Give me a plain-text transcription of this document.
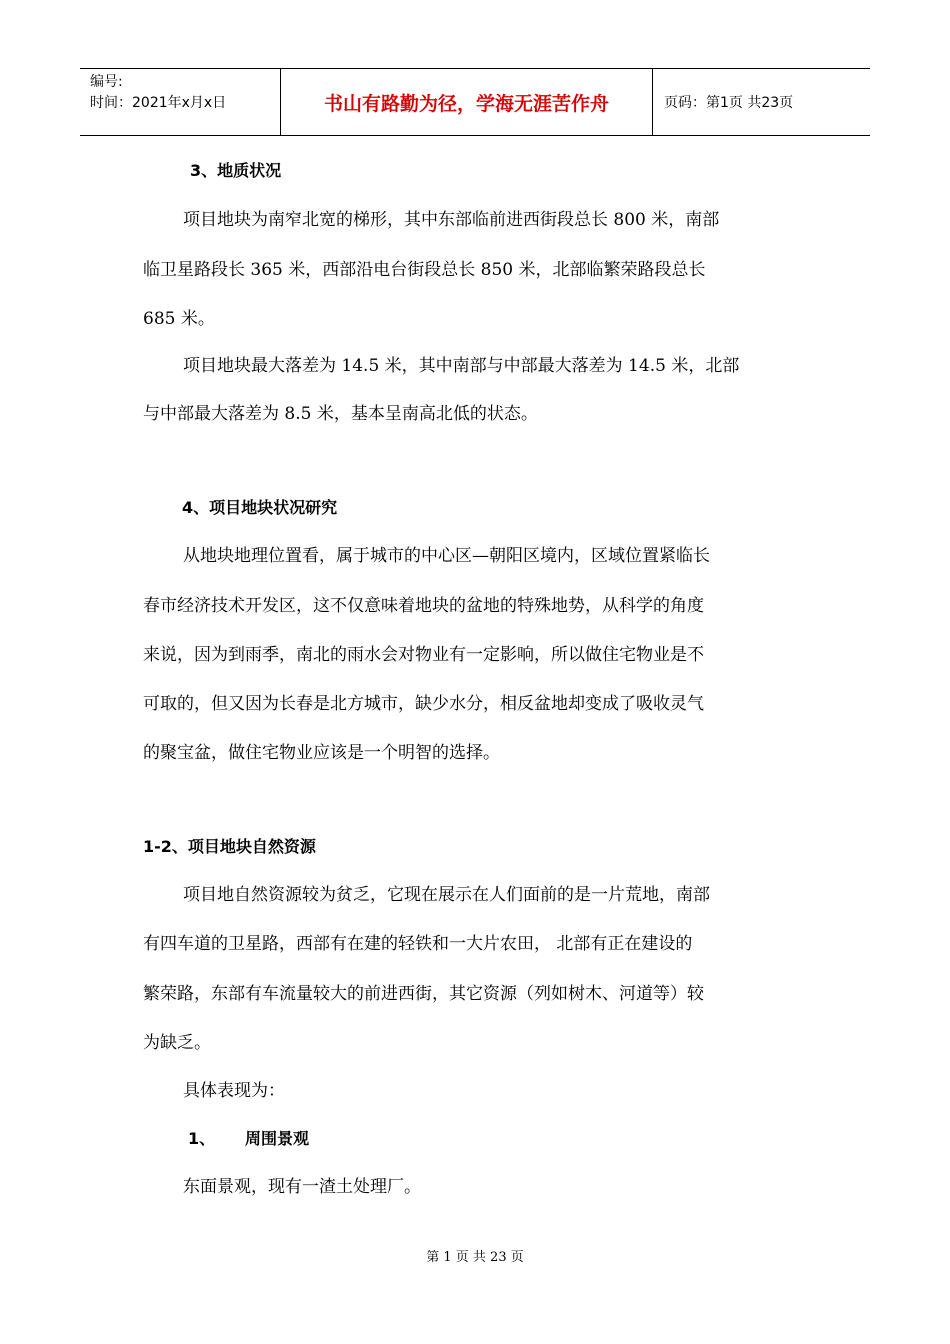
编号:
时间：2021年x月x日	书山有路勤为径，学海无涯苦作舟	页码：第1页 共23页
3、地质状况
项目地块为南窄北宽的梯形，其中东部临前进西街段总长 800 米，南部
临卫星路段长 365 米，西部沿电台街段总长 850 米，北部临繁荣路段总长
685 米。
项目地块最大落差为 14.5 米，其中南部与中部最大落差为 14.5 米，北部
与中部最大落差为 8.5 米，基本呈南高北低的状态。
4、项目地块状况研究
从地块地理位置看，属于城市的中心区—朝阳区境内，区域位置紧临长
春市经济技术开发区，这不仅意味着地块的盆地的特殊地势，从科学的角度
来说，因为到雨季，南北的雨水会对物业有一定影响，所以做住宅物业是不
可取的，但又因为长春是北方城市，缺少水分，相反盆地却变成了吸收灵气
的聚宝盆，做住宅物业应该是一个明智的选择。
1-2、项目地块自然资源
项目地自然资源较为贫乏，它现在展示在人们面前的是一片荒地，南部
有四车道的卫星路，西部有在建的轻铁和一大片农田， 北部有正在建设的
繁荣路，东部有车流量较大的前进西街，其它资源（列如树木、河道等）较
为缺乏。
具体表现为：
1、 周围景观
东面景观，现有一渣土处理厂。
第 1 页 共 23 页
